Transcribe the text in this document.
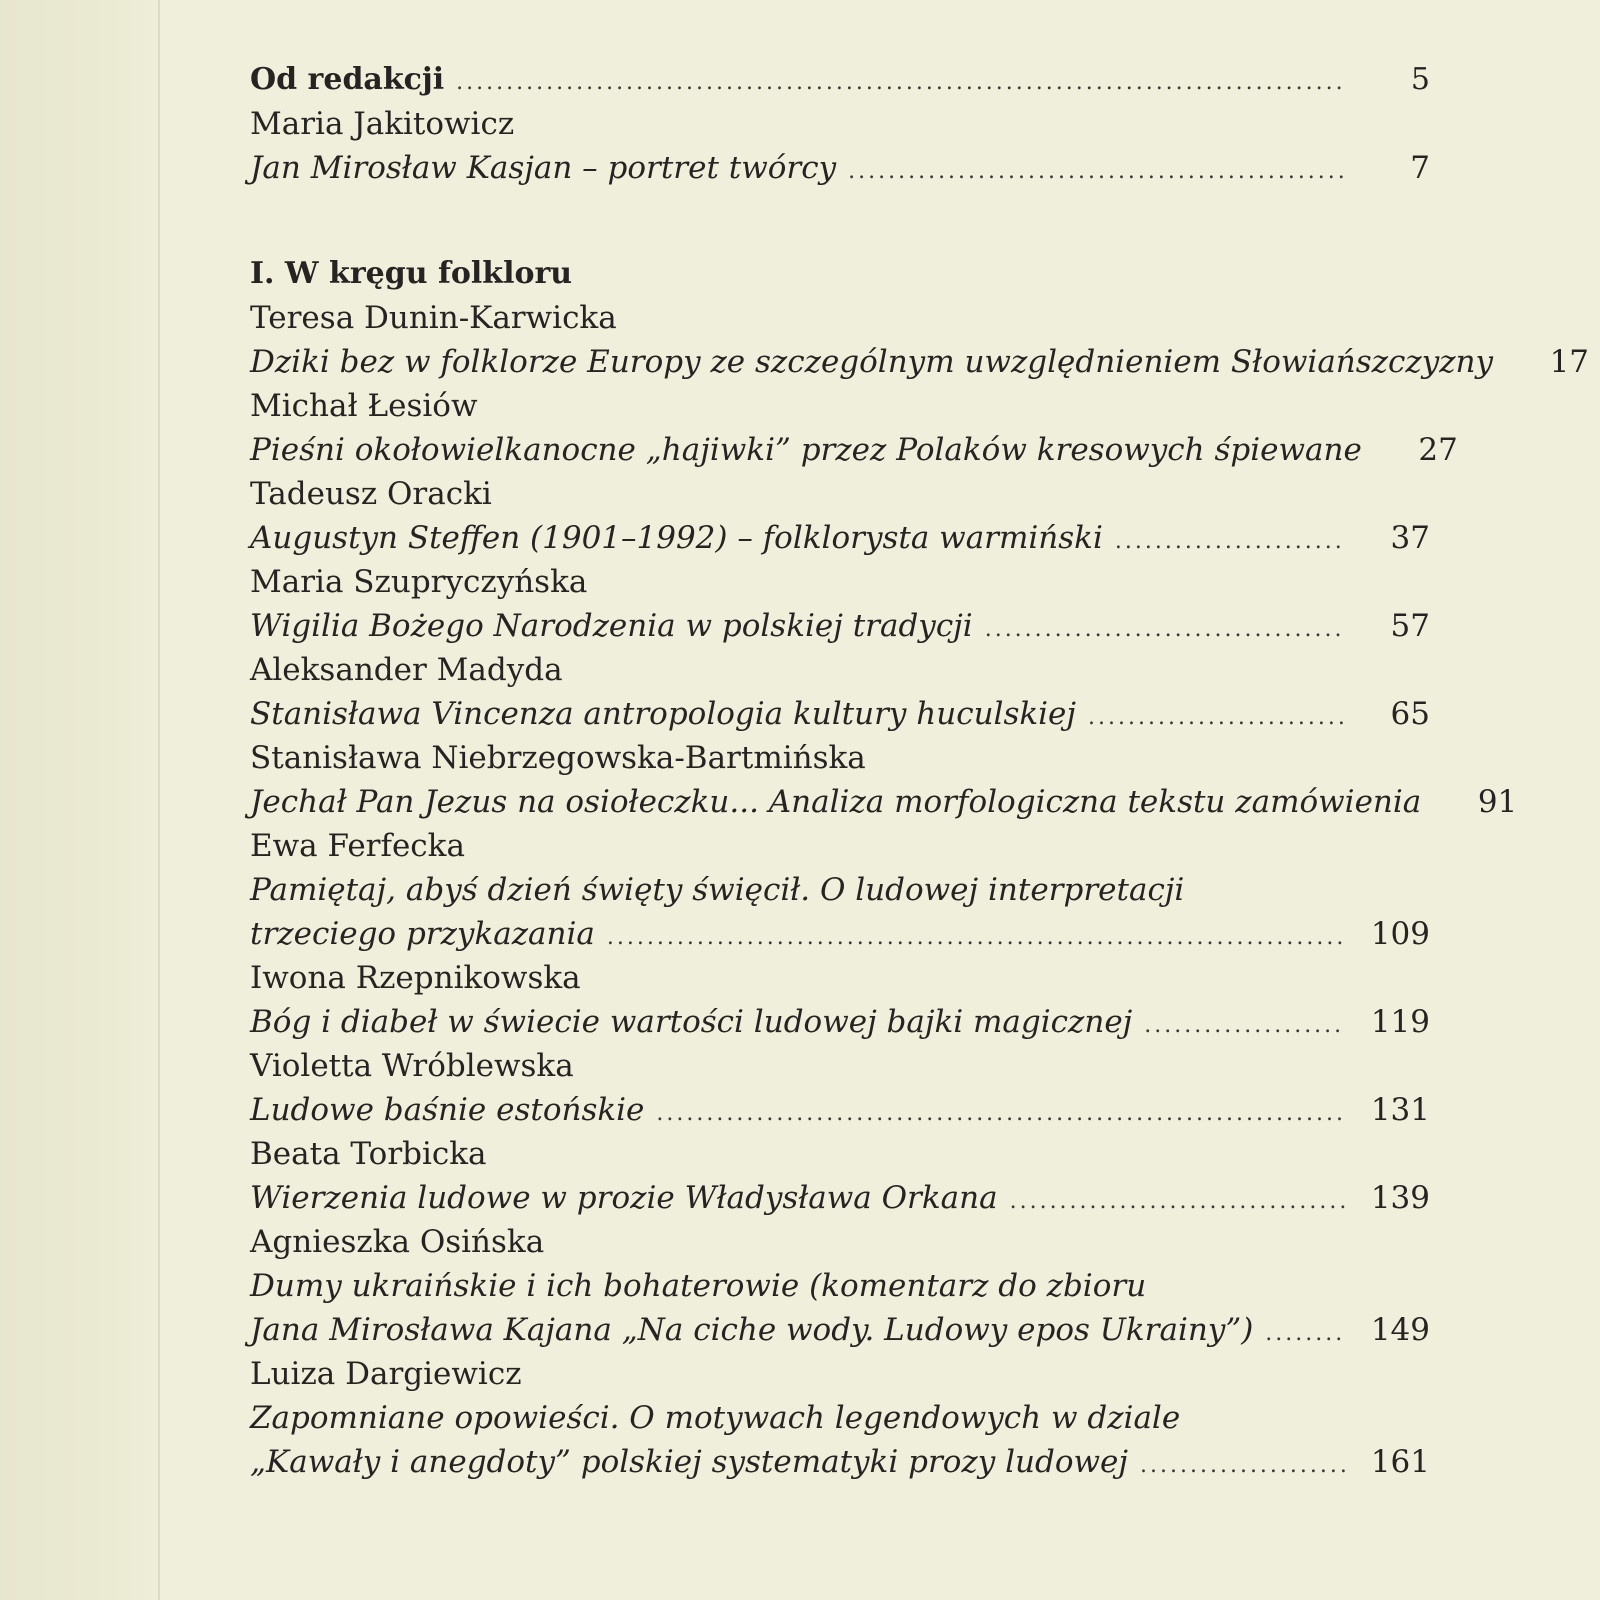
Od redakcji .....	5
Maria Jakitowicz
Jan Mirosław Kasjan – portret twórcy .....	7
I. W kręgu folkloru
Teresa Dunin-Karwicka
Dziki bez w folklorze Europy ze szczególnym uwzględnieniem Słowiańszczyzny	17
Michał Łesiów
Pieśni okołowielkanocne „hajiwki” przez Polaków kresowych śpiewane	27
Tadeusz Oracki
Augustyn Steffen (1901–1992) – folklorysta warmiński .....	37
Maria Szupryczyńska
Wigilia Bożego Narodzenia w polskiej tradycji .....	57
Aleksander Madyda
Stanisława Vincenza antropologia kultury huculskiej .....	65
Stanisława Niebrzegowska-Bartmińska
Jechał Pan Jezus na osiołeczku... Analiza morfologiczna tekstu zamówienia	91
Ewa Ferfecka
Pamiętaj, abyś dzień święty święcił. O ludowej interpretacji
trzeciego przykazania .....	109
Iwona Rzepnikowska
Bóg i diabeł w świecie wartości ludowej bajki magicznej .....	119
Violetta Wróblewska
Ludowe baśnie estońskie .....	131
Beata Torbicka
Wierzenia ludowe w prozie Władysława Orkana .....	139
Agnieszka Osińska
Dumy ukraińskie i ich bohaterowie (komentarz do zbioru
Jana Mirosława Kajana „Na ciche wody. Ludowy epos Ukrainy”) .....	149
Luiza Dargiewicz
Zapomniane opowieści. O motywach legendowych w dziale
„Kawały i anegdoty” polskiej systematyki prozy ludowej .....	161
